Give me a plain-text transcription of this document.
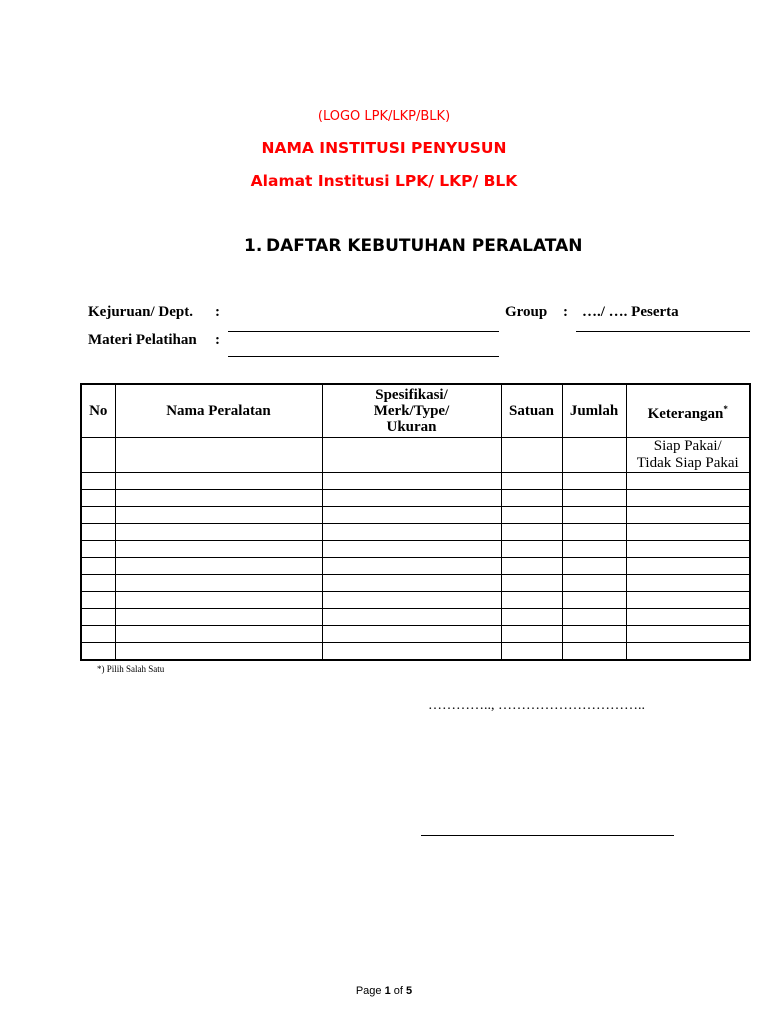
(LOGO LPK/LKP/BLK)
NAMA INSTITUSI PENYUSUN
Alamat Institusi LPK/ LKP/ BLK
1. DAFTAR KEBUTUHAN PERALATAN
Kejuruan/ Dept. :
Materi Pelatihan :
Group : …./ …. Peserta
No	Nama Peralatan	Spesifikasi/
Merk/Type/
Ukuran	Satuan	Jumlah	Keterangan*

					Siap Pakai/
Tidak Siap Pakai

*) Pilih Salah Satu
………….., …………………………..
Page 1 of 5
